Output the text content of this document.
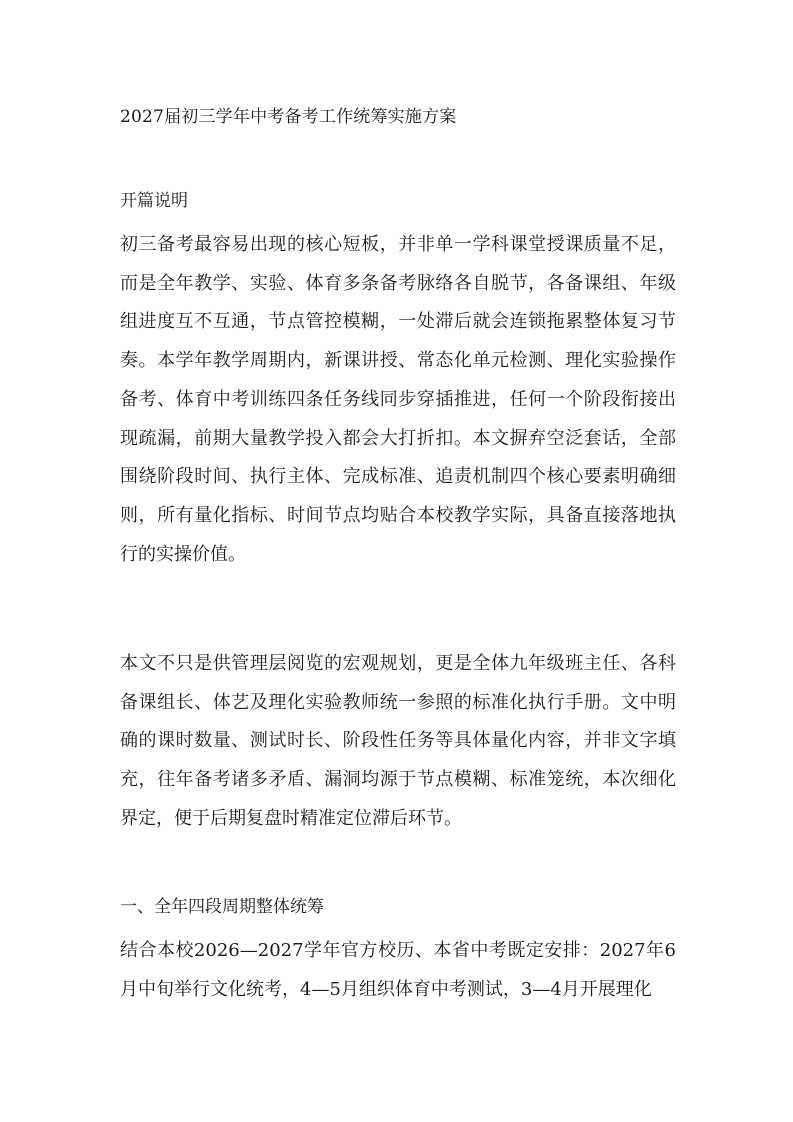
2027届初三学年中考备考工作统筹实施方案
开篇说明

初三备考最容易出现的核心短板，并非单一学科课堂授课质量不足，而是全年教学、实验、体育多条备考脉络各自脱节，各备课组、年级组进度互不互通，节点管控模糊，一处滞后就会连锁拖累整体复习节奏。本学年教学周期内，新课讲授、常态化单元检测、理化实验操作备考、体育中考训练四条任务线同步穿插推进，任何一个阶段衔接出现疏漏，前期大量教学投入都会大打折扣。本文摒弃空泛套话，全部围绕阶段时间、执行主体、完成标准、追责机制四个核心要素明确细则，所有量化指标、时间节点均贴合本校教学实际，具备直接落地执行的实操价值。

本文不只是供管理层阅览的宏观规划，更是全体九年级班主任、各科备课组长、体艺及理化实验教师统一参照的标准化执行手册。文中明确的课时数量、测试时长、阶段性任务等具体量化内容，并非文字填充，往年备考诸多矛盾、漏洞均源于节点模糊、标准笼统，本次细化界定，便于后期复盘时精准定位滞后环节。

一、全年四段周期整体统筹

结合本校2026—2027学年官方校历、本省中考既定安排：2027年6月中旬举行文化统考，4—5月组织体育中考测试，3—4月开展理化
